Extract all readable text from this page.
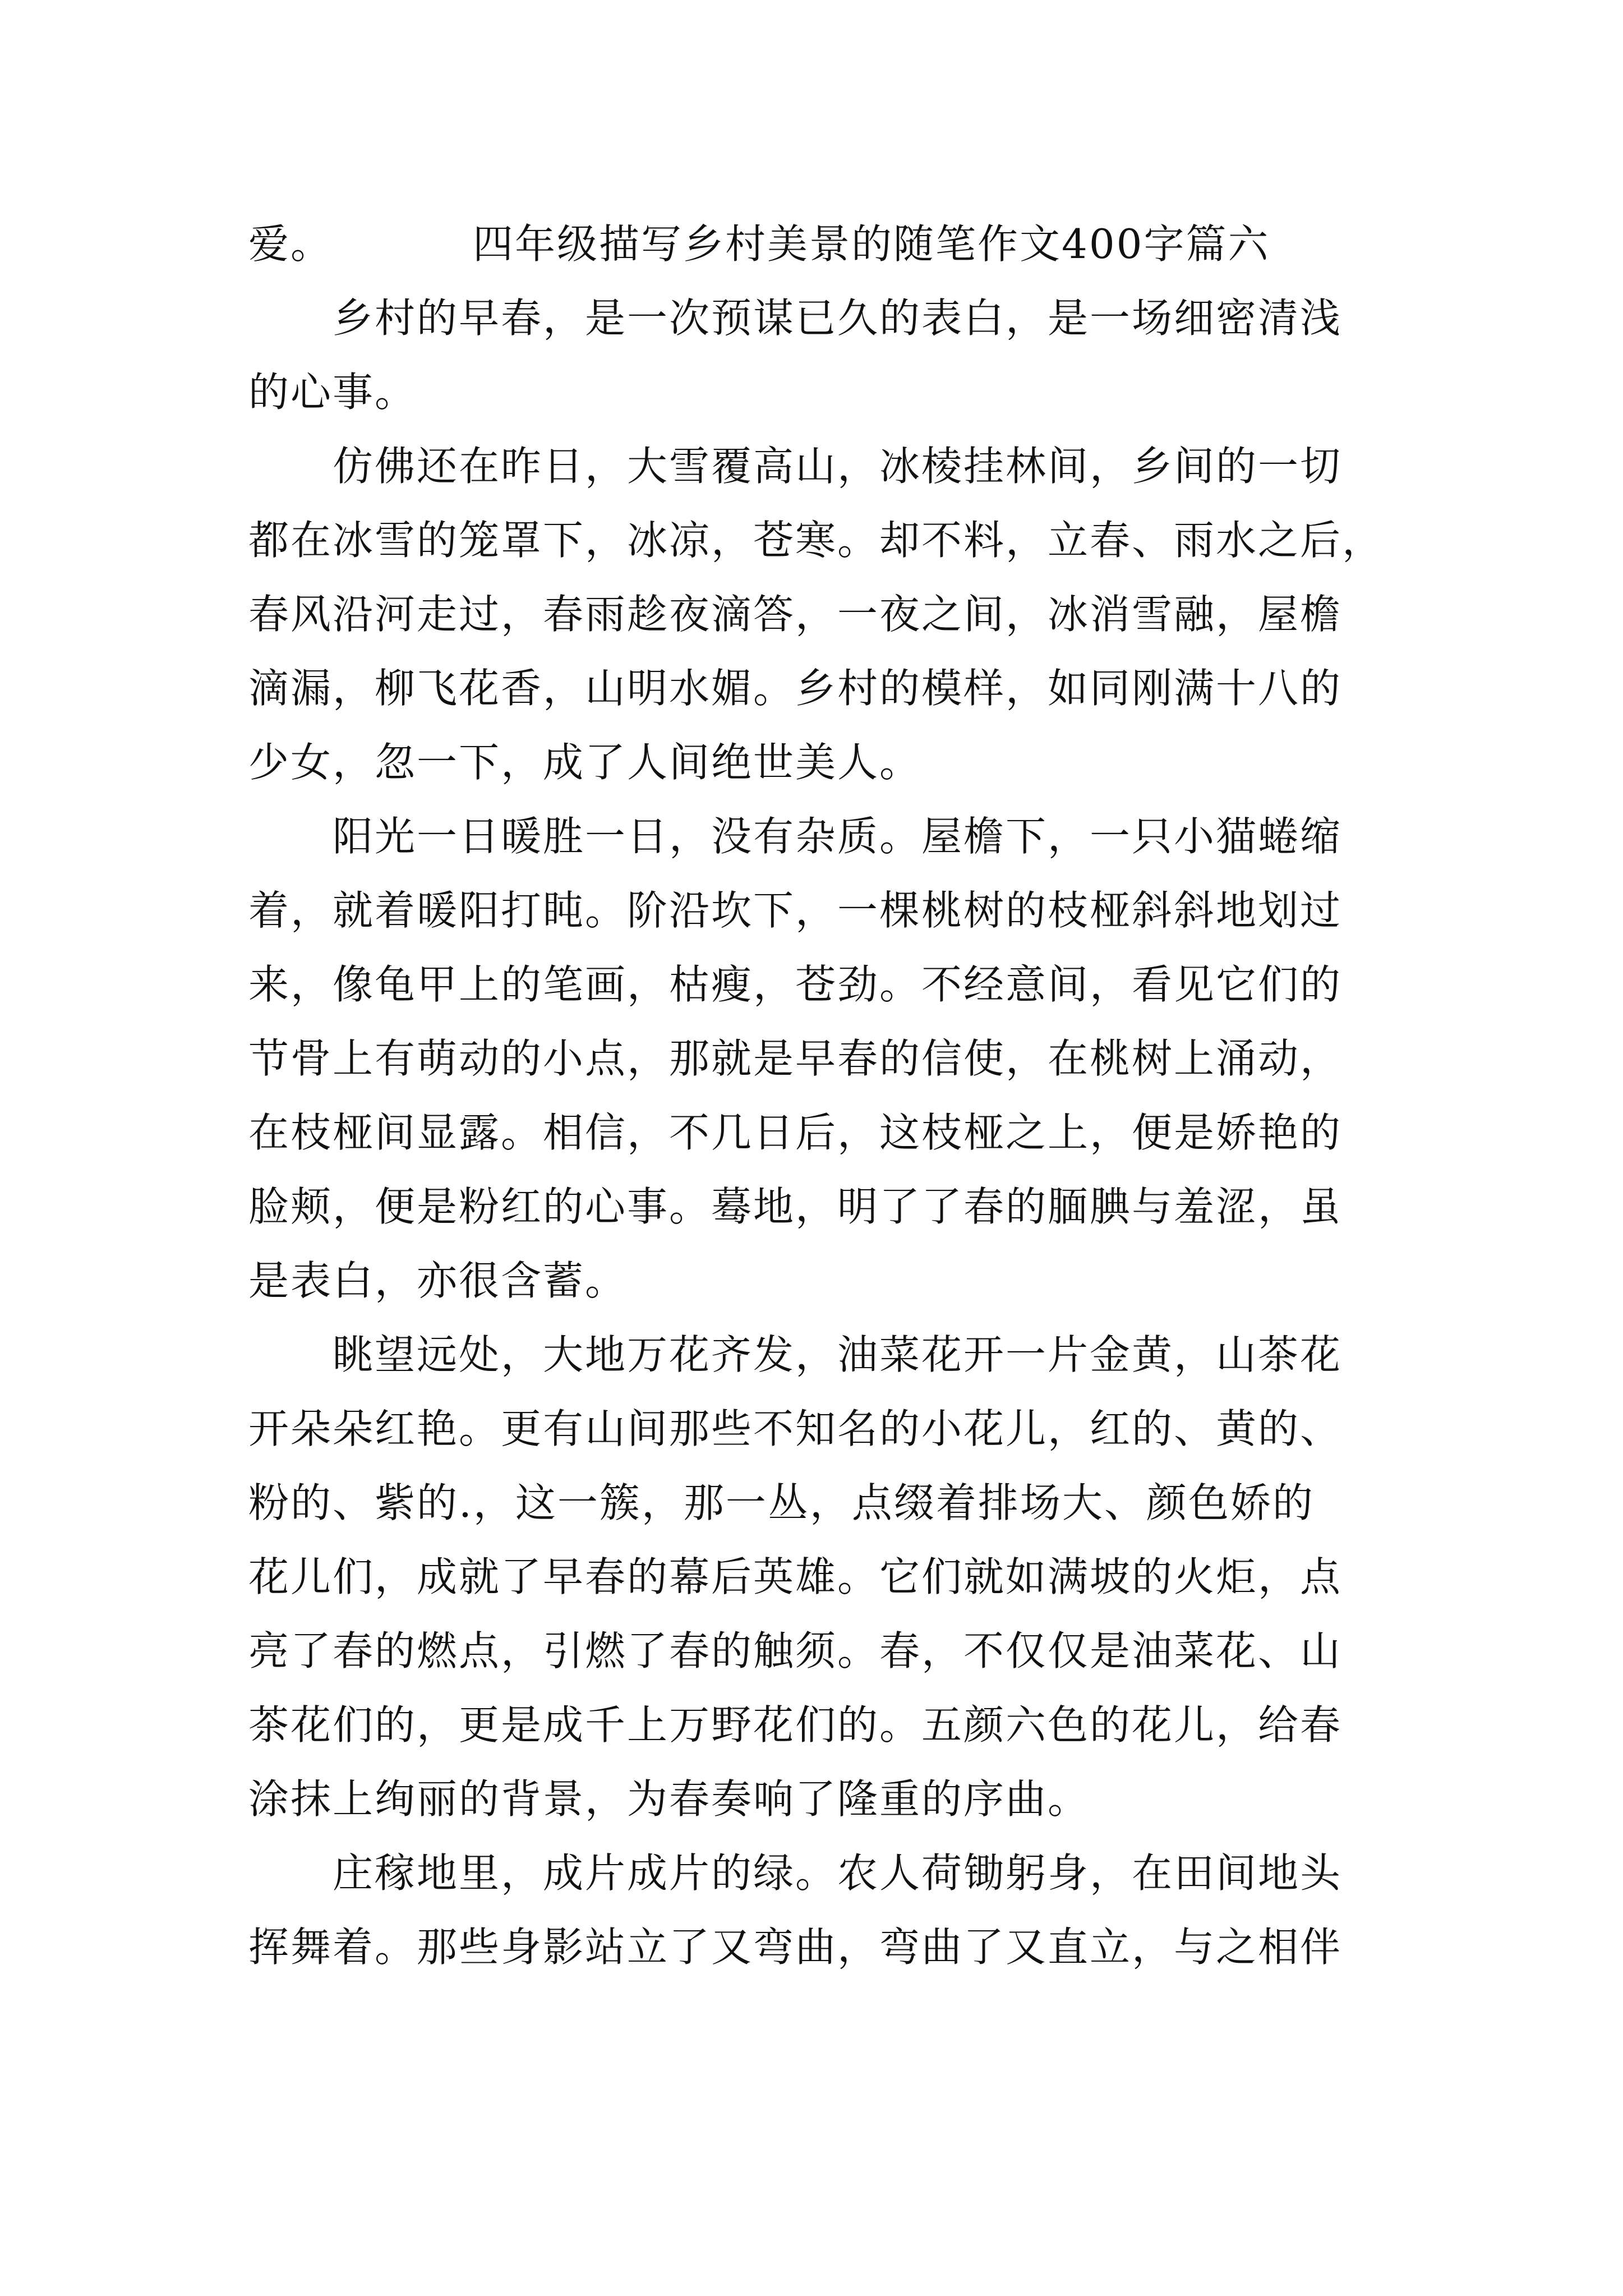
爱。	四年级描写乡村美景的随笔作文400字篇六
　　乡村的早春，是一次预谋已久的表白，是一场细密清浅
的心事。
　　仿佛还在昨日，大雪覆高山，冰棱挂林间，乡间的一切
都在冰雪的笼罩下，冰凉，苍寒。却不料，立春、雨水之后，
春风沿河走过，春雨趁夜滴答，一夜之间，冰消雪融，屋檐
滴漏，柳飞花香，山明水媚。乡村的模样，如同刚满十八的
少女，忽一下，成了人间绝世美人。
　　阳光一日暖胜一日，没有杂质。屋檐下，一只小猫蜷缩
着，就着暖阳打盹。阶沿坎下，一棵桃树的枝桠斜斜地划过
来，像龟甲上的笔画，枯瘦，苍劲。不经意间，看见它们的
节骨上有萌动的小点，那就是早春的信使，在桃树上涌动，
在枝桠间显露。相信，不几日后，这枝桠之上，便是娇艳的
脸颊，便是粉红的心事。蓦地，明了了春的腼腆与羞涩，虽
是表白，亦很含蓄。
　　眺望远处，大地万花齐发，油菜花开一片金黄，山茶花
开朵朵红艳。更有山间那些不知名的小花儿，红的、黄的、
粉的、紫的.，这一簇，那一丛，点缀着排场大、颜色娇的
花儿们，成就了早春的幕后英雄。它们就如满坡的火炬，点
亮了春的燃点，引燃了春的触须。春，不仅仅是油菜花、山
茶花们的，更是成千上万野花们的。五颜六色的花儿，给春
涂抹上绚丽的背景，为春奏响了隆重的序曲。
　　庄稼地里，成片成片的绿。农人荷锄躬身，在田间地头
挥舞着。那些身影站立了又弯曲，弯曲了又直立，与之相伴
